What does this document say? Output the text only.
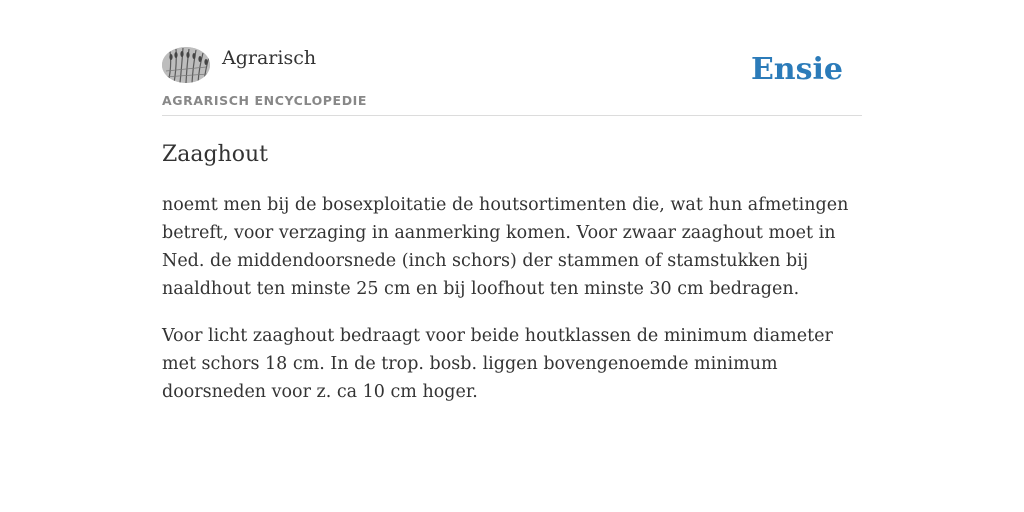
Agrarisch
AGRARISCH ENCYCLOPEDIE
Ensie
Zaaghout

noemt men bij de bosexploitatie de houtsortimenten die, wat hun afmetingen betreft, voor verzaging in aanmerking komen. Voor zwaar zaaghout moet in Ned. de middendoorsnede (inch schors) der stammen of stamstukken bij naaldhout ten minste 25 cm en bij loofhout ten minste 30 cm bedragen.

Voor licht zaaghout bedraagt voor beide houtklassen de minimum diameter met schors 18 cm. In de trop. bosb. liggen bovengenoemde minimum doorsneden voor z. ca 10 cm hoger.
